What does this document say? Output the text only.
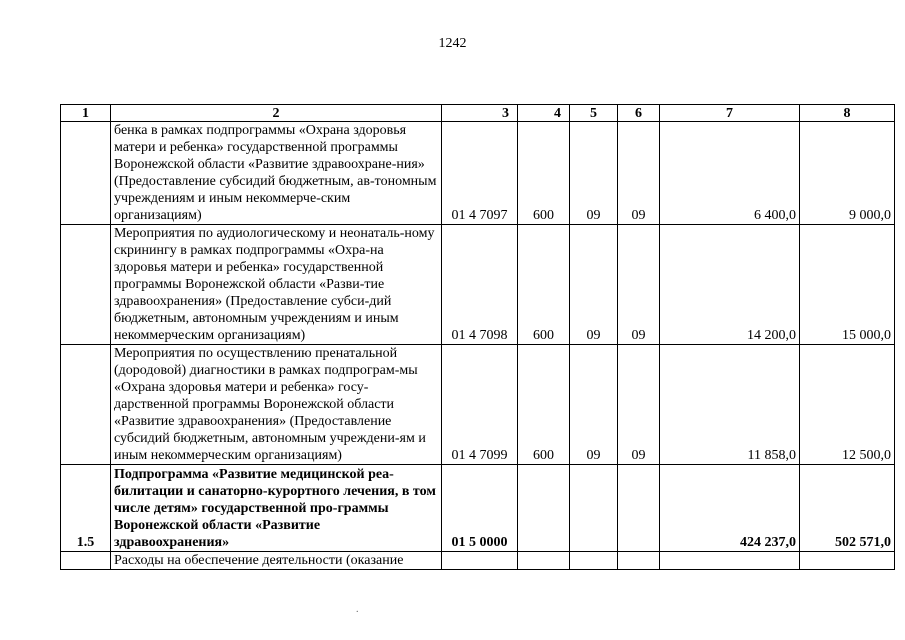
1242
1	2	3	4	5	6	7	8
	бенка в рамках подпрограммы «Охрана здоровья матери и ребенка» государственной программы Воронежской области «Развитие здравоохране-ния» (Предоставление субсидий бюджетным, ав-тономным учреждениям и иным некоммерче-ским организациям)	01 4 7097	600	09	09	6 400,0	9 000,0
	Мероприятия по аудиологическому и неонаталь-ному скринингу в рамках подпрограммы «Охра-на здоровья матери и ребенка» государственной программы Воронежской области «Разви-тие здравоохранения» (Предоставление субси-дий бюджетным, автономным учреждениям и иным некоммерческим организациям)	01 4 7098	600	09	09	14 200,0	15 000,0
	Мероприятия по осуществлению пренатальной (дородовой) диагностики в рамках подпрограм-мы «Охрана здоровья матери и ребенка» госу-дарственной программы Воронежской области «Развитие здравоохранения» (Предоставление субсидий бюджетным, автономным учреждени-ям и иным некоммерческим организациям)	01 4 7099	600	09	09	11 858,0	12 500,0
1.5	Подпрограмма «Развитие медицинской реа-билитации и санаторно-курортного лечения, в том числе детям» государственной про-граммы Воронежской области «Развитие здравоохранения»	01 5 0000				424 237,0	502 571,0
	Расходы на обеспечение деятельности (оказание						
.
